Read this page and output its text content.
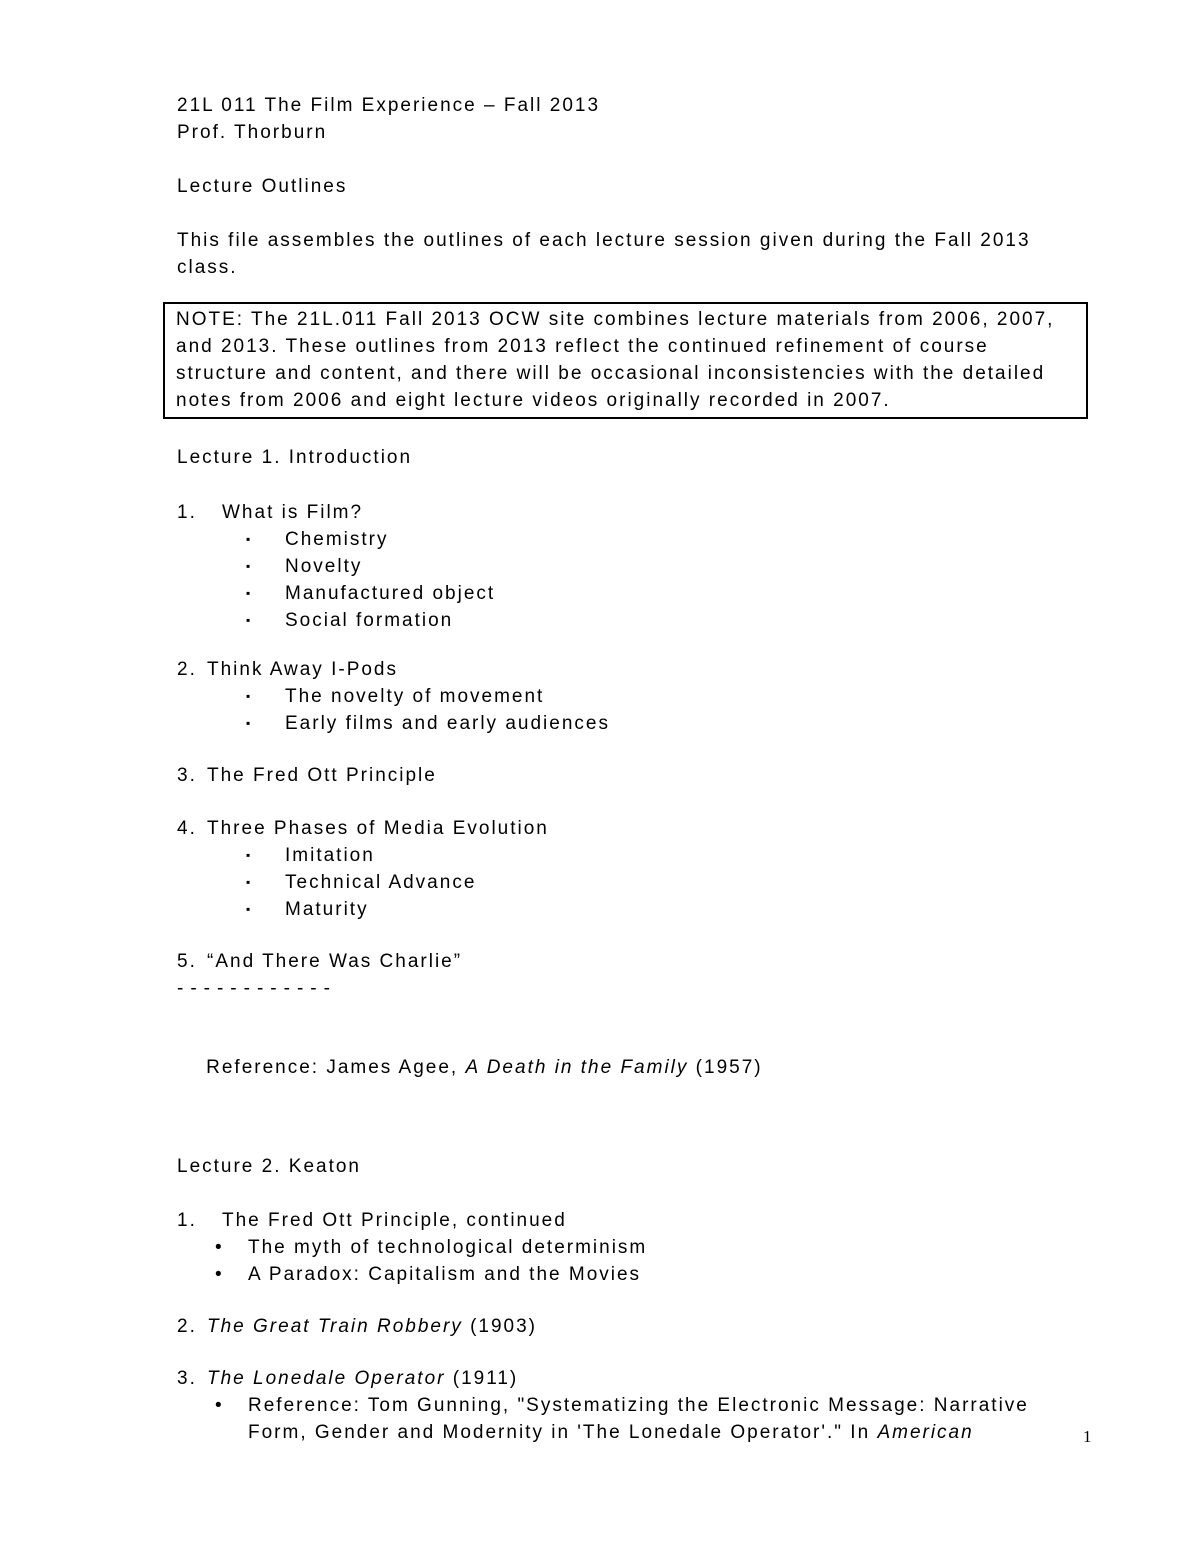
21L 011 The Film Experience – Fall 2013
Prof. Thorburn
Lecture Outlines
This file assembles the outlines of each lecture session given during the Fall 2013 class.
NOTE: The 21L.011 Fall 2013 OCW site combines lecture materials from 2006, 2007, and 2013. These outlines from 2013 reflect the continued refinement of course structure and content, and there will be occasional inconsistencies with the detailed notes from 2006 and eight lecture videos originally recorded in 2007.
Lecture 1. Introduction
1.	What is Film?
▪	Chemistry
▪	Novelty
▪	Manufactured object
▪	Social formation
2. Think Away I-Pods
▪	The novelty of movement
▪	Early films and early audiences
3. The Fred Ott Principle
4. Three Phases of Media Evolution
▪	Imitation
▪	Technical Advance
▪	Maturity
5. “And There Was Charlie”
------------

Reference: James Agee, A Death in the Family (1957)

Lecture 2. Keaton
1.	The Fred Ott Principle, continued
•	The myth of technological determinism
•	A Paradox: Capitalism and the Movies
2. The Great Train Robbery (1903)
3. The Lonedale Operator (1911)
•	Reference: Tom Gunning, "Systematizing the Electronic Message: Narrative Form, Gender and Modernity in 'The Lonedale Operator'." In American	1
